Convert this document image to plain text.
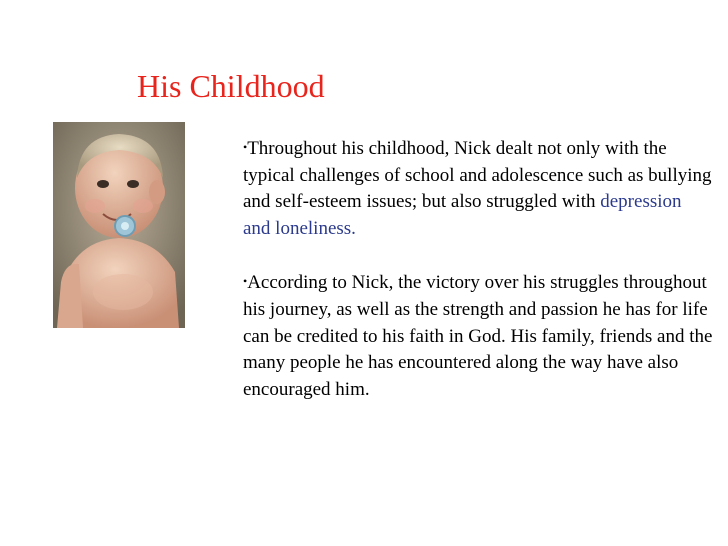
His Childhood

•Throughout his childhood, Nick dealt not only with the typical challenges of school and adolescence such as bullying and self-esteem issues; but also struggled with depression and loneliness.

•According to Nick, the victory over his struggles throughout his journey, as well as the strength and passion he has for life can be credited to his faith in God. His family, friends and the many people he has encountered along the way have also encouraged him.
